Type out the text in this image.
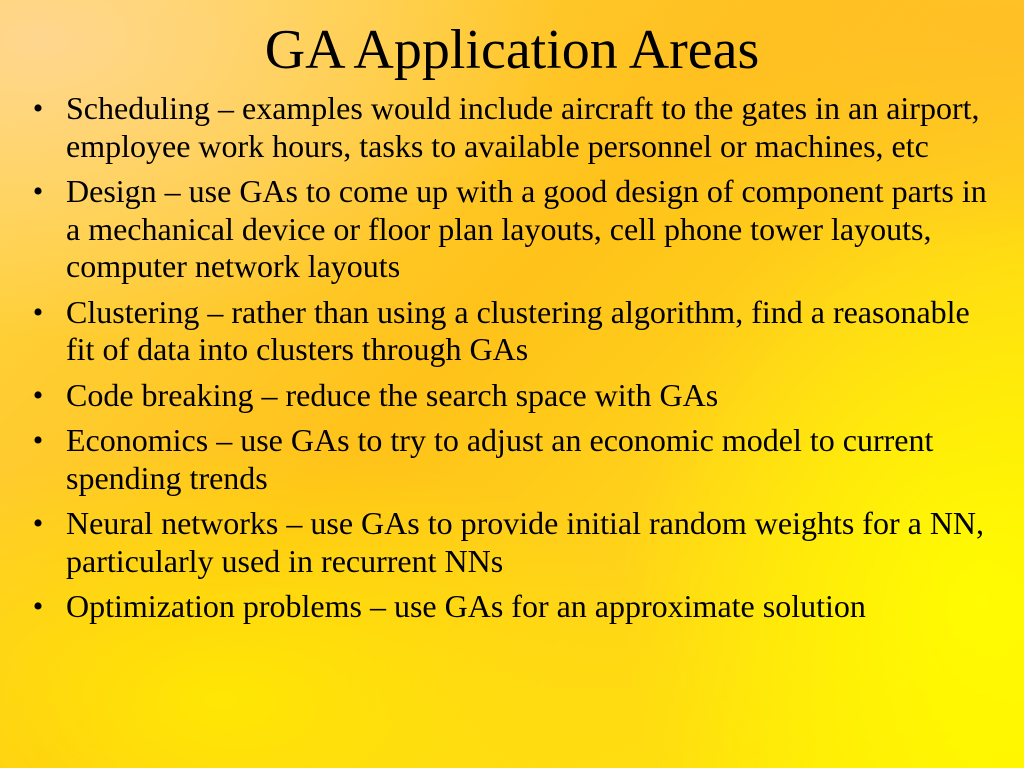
GA Application Areas
• Scheduling – examples would include aircraft to the gates in an airport, employee work hours, tasks to available personnel or machines, etc
• Design – use GAs to come up with a good design of component parts in a mechanical device or floor plan layouts, cell phone tower layouts, computer network layouts
• Clustering – rather than using a clustering algorithm, find a reasonable fit of data into clusters through GAs
• Code breaking – reduce the search space with GAs
• Economics – use GAs to try to adjust an economic model to current spending trends
• Neural networks – use GAs to provide initial random weights for a NN, particularly used in recurrent NNs
• Optimization problems – use GAs for an approximate solution
